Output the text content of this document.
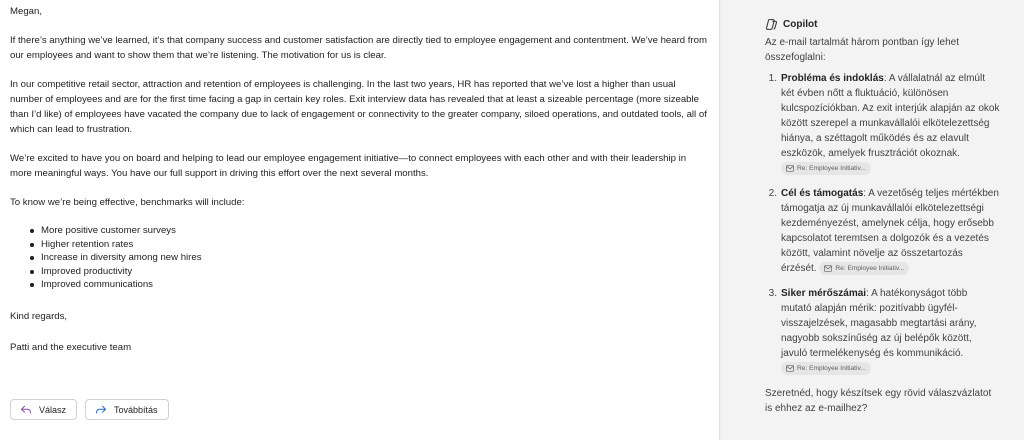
Megan,

If there’s anything we’ve learned, it’s that company success and customer satisfaction are directly tied to employee engagement and contentment. We’ve heard from our employees and want to show them that we’re listening. The motivation for us is clear.

In our competitive retail sector, attraction and retention of employees is challenging. In the last two years, HR has reported that we’ve lost a higher than usual number of employees and are for the first time facing a gap in certain key roles. Exit interview data has revealed that at least a sizeable percentage (more sizeable than I’d like) of employees have vacated the company due to lack of engagement or connectivity to the greater company, siloed operations, and outdated tools, all of which can lead to frustration.

We’re excited to have you on board and helping to lead our employee engagement initiative—to connect employees with each other and with their leadership in more meaningful ways. You have our full support in driving this effort over the next several months.

To know we’re being effective, benchmarks will include:

More positive customer surveys
Higher retention rates
Increase in diversity among new hires
Improved productivity
Improved communications

Kind regards,

Patti and the executive team

Válasz	Továbbítás
Copilot

Az e-mail tartalmát három pontban így lehet összefoglalni:

1. Probléma és indoklás: A vállalatnál az elmúlt két évben nőtt a fluktuáció, különösen kulcspozíciókban. Az exit interjúk alapján az okok között szerepel a munkavállalói elkötelezettség hiánya, a széttagolt működés és az elavult eszközök, amelyek frusztrációt okoznak.
Re: Employee Initiativ...
2. Cél és támogatás: A vezetőség teljes mértékben támogatja az új munkavállalói elkötelezettségi kezdeményezést, amelynek célja, hogy erősebb kapcsolatot teremtsen a dolgozók és a vezetés között, valamint növelje az összetartozás érzését.	Re: Employee Initiativ...
3. Siker mérőszámai: A hatékonyságot több mutató alapján mérik: pozitívabb ügyfél-visszajelzések, magasabb megtartási arány, nagyobb sokszínűség az új belépők között, javuló termelékenység és kommunikáció.
Re: Employee Initiativ...

Szeretnéd, hogy készítsek egy rövid válaszvázlatot is ehhez az e-mailhez?
